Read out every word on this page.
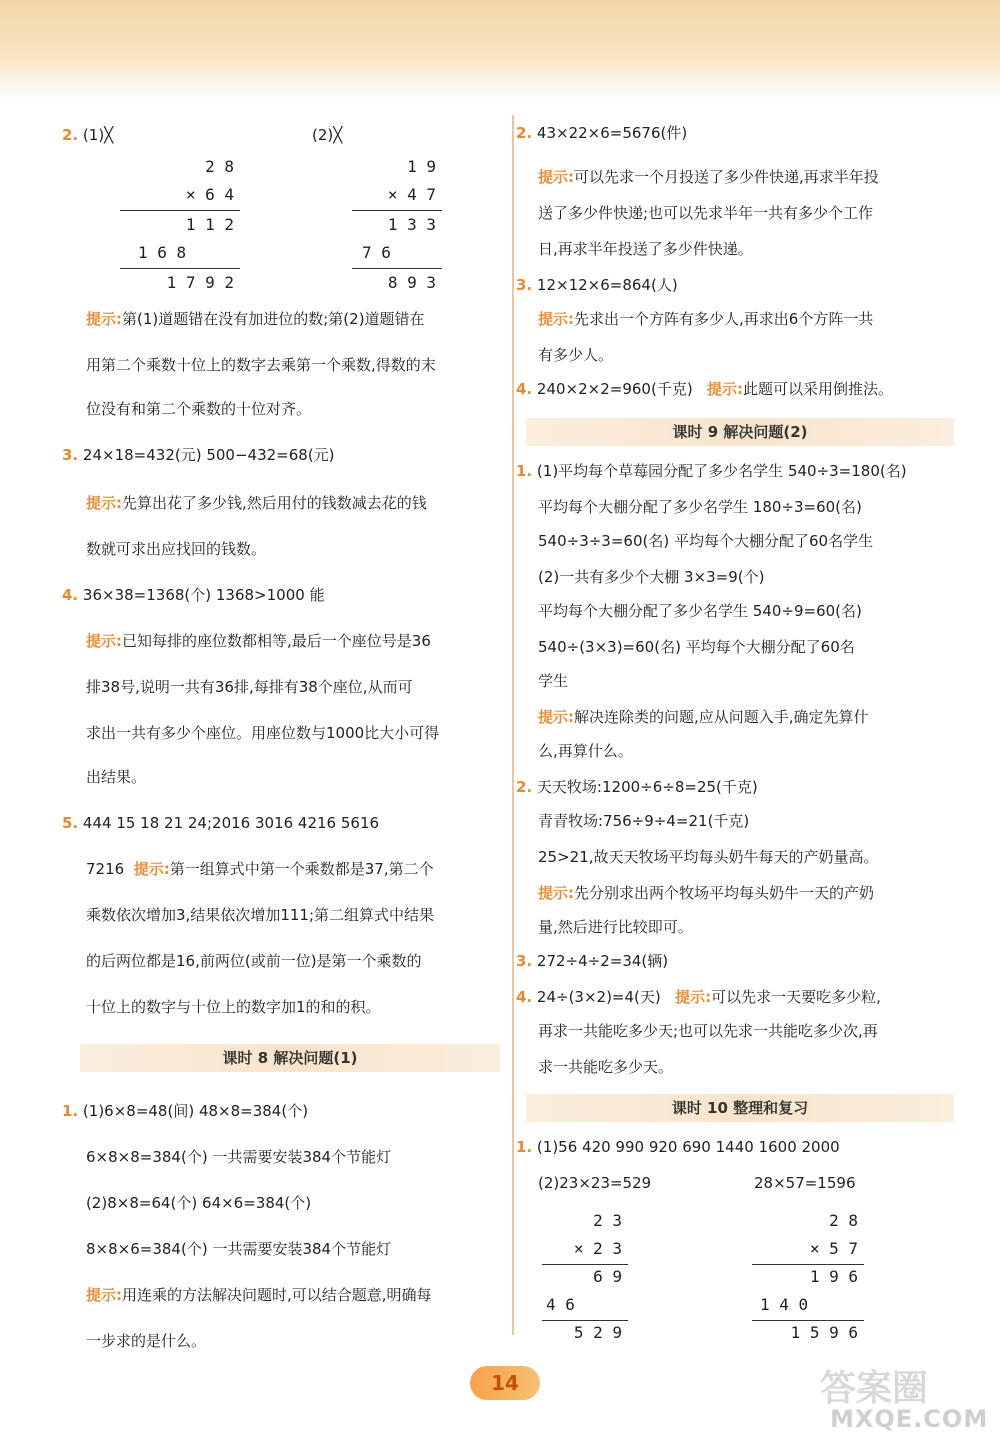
2. (1)╳	(2)╳
2 8
× 6 4
1 1 2
1 6 8
1 7 9 2
1 9
× 4 7
1 3 3
7 6
8 9 3
提示:第(1)道题错在没有加进位的数;第(2)道题错在
用第二个乘数十位上的数字去乘第一个乘数,得数的末
位没有和第二个乘数的十位对齐。
3. 24×18=432(元) 500−432=68(元)
提示:先算出花了多少钱,然后用付的钱数减去花的钱
数就可求出应找回的钱数。
4. 36×38=1368(个) 1368>1000 能
提示:已知每排的座位数都相等,最后一个座位号是36
排38号,说明一共有36排,每排有38个座位,从而可
求出一共有多少个座位。用座位数与1000比大小可得
出结果。
5. 444 15 18 21 24;2016 3016 4216 5616
7216 提示:第一组算式中第一个乘数都是37,第二个
乘数依次增加3,结果依次增加111;第二组算式中结果
的后两位都是16,前两位(或前一位)是第一个乘数的
十位上的数字与十位上的数字加1的和的积。
课时 8 解决问题(1)
1. (1)6×8=48(间) 48×8=384(个)
6×8×8=384(个) 一共需要安装384个节能灯
(2)8×8=64(个) 64×6=384(个)
8×8×6=384(个) 一共需要安装384个节能灯
提示:用连乘的方法解决问题时,可以结合题意,明确每
一步求的是什么。
2. 43×22×6=5676(件)
提示:可以先求一个月投送了多少件快递,再求半年投
送了多少件快递;也可以先求半年一共有多少个工作
日,再求半年投送了多少件快递。
3. 12×12×6=864(人)
提示:先求出一个方阵有多少人,再求出6个方阵一共
有多少人。
4. 240×2×2=960(千克) 提示:此题可以采用倒推法。
课时 9 解决问题(2)
1. (1)平均每个草莓园分配了多少名学生 540÷3=180(名)
平均每个大棚分配了多少名学生 180÷3=60(名)
540÷3÷3=60(名) 平均每个大棚分配了60名学生
(2)一共有多少个大棚 3×3=9(个)
平均每个大棚分配了多少名学生 540÷9=60(名)
540÷(3×3)=60(名) 平均每个大棚分配了60名
学生
提示:解决连除类的问题,应从问题入手,确定先算什
么,再算什么。
2. 天天牧场:1200÷6÷8=25(千克)
青青牧场:756÷9÷4=21(千克)
25>21,故天天牧场平均每头奶牛每天的产奶量高。
提示:先分别求出两个牧场平均每头奶牛一天的产奶
量,然后进行比较即可。
3. 272÷4÷2=34(辆)
4. 24÷(3×2)=4(天) 提示:可以先求一天要吃多少粒,
再求一共能吃多少天;也可以先求一共能吃多少次,再
求一共能吃多少天。
课时 10 整理和复习
1. (1)56 420 990 920 690 1440 1600 2000
(2)23×23=529	28×57=1596
2 3
× 2 3
6 9
4 6
5 2 9
2 8
× 5 7
1 9 6
1 4 0
1 5 9 6
14	答案圈
MXQE.COM
